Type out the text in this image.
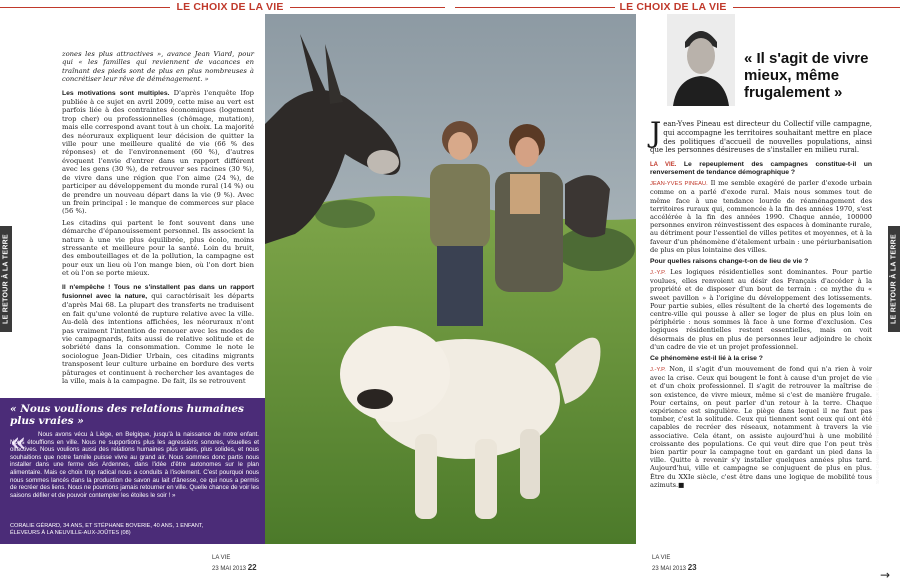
LE CHOIX DE LA VIE	LE CHOIX DE LA VIE
LE RETOUR À LA TERRE	LE RETOUR À LA TERRE

zones les plus attractives », avance Jean Viard, pour qui « les familles qui reviennent de vacances en traînant des pieds sont de plus en plus nombreuses à concrétiser leur rêve de déménagement. »

Les motivations sont multiples. D'après l'enquête Ifop publiée à ce sujet en avril 2009, cette mise au vert est parfois liée à des contraintes économiques (logement trop cher) ou professionnelles (chômage, mutation), mais elle correspond avant tout à un choix. La majorité des néoruraux expliquent leur décision de quitter la ville pour une meilleure qualité de vie (66 % des réponses) et de l'environnement (60 %), d'autres évoquent l'envie d'entrer dans un rapport différent avec les gens (30 %), de retrouver ses racines (30 %), de vivre dans une région que l'on aime (24 %), de participer au développement du monde rural (14 %) ou de prendre un nouveau départ dans la vie (9 %). Avec un frein principal : le manque de commerces sur place (56 %).

Les citadins qui partent le font souvent dans une démarche d'épanouissement personnel. Ils associent la nature à une vie plus équilibrée, plus écolo, moins stressante et meilleure pour la santé. Loin du bruit, des embouteillages et de la pollution, la campagne est pour eux un lieu où l'on mange bien, où l'on dort bien et où l'on se porte mieux.

Il n'empêche ! Tous ne s'installent pas dans un rapport fusionnel avec la nature, qui caractérisait les départs d'après Mai 68. La plupart des transferts ne traduisent en fait qu'une volonté de rupture relative avec la ville. Au-delà des intentions affichées, les néoruraux n'ont pas vraiment l'intention de renouer avec les modes de vie campagnards, faits aussi de relative solitude et de sobriété dans la consommation. Comme le note le sociologue Jean-Didier Urbain, ces citadins migrants transposent leur culture urbaine en bordure des verts pâturages et continuent à rechercher les avantages de la ville, mais à la campagne. De fait, ils se retrouvent	SAMIR CHAIEH / HAYTHEM / PHOTO POUR LA VIE
« Nous voulions des relations humaines plus vraies »
«	Nous avons vécu à Liège, en Belgique, jusqu'à la naissance de notre enfant. Nous étouffions en ville. Nous ne supportions plus les agressions sonores, visuelles et olfactives. Nous voulions aussi des relations humaines plus vraies, plus solides, et nous souhaitions que notre famille puisse vivre au grand air. Nous sommes donc partis nous installer dans une ferme des Ardennes, dans l'idée d'être autonomes sur le plan alimentaire. Mais ce choix trop radical nous a conduits à l'isolement. C'est pourquoi nous nous sommes lancés dans la production de savon au lait d'ânesse, ce qui nous a permis de recréer des liens. Nous ne pourrions jamais retourner en ville. Quelle chance de voir les saisons défiler et de pouvoir contempler les étoiles le soir ! »
CORALIE GÉRARD, 34 ANS, ET STÉPHANE BOVERIE, 40 ANS, 1 ENFANT,
ÉLEVEURS À LA NEUVILLE-AUX-JOÛTES (08)
LA VIE
23 MAI 2013 22
LA VIE
23 MAI 2013 23
« Il s'agit de vivre mieux, même frugalement »

Jean-Yves Pineau est directeur du Collectif ville campagne, qui accompagne les territoires souhaitant mettre en place des politiques d'accueil de nouvelles populations, ainsi que les personnes désireuses de s'installer en milieu rural.

LA VIE. Le repeuplement des campagnes constitue-t-il un renversement de tendance démographique ?

JEAN-YVES PINEAU. Il me semble exagéré de parler d'exode urbain comme on a parlé d'exode rural. Mais nous sommes tout de même face à une tendance lourde de réaménagement des territoires ruraux qui, commencée à la fin des années 1970, s'est accélérée à la fin des années 1990. Chaque année, 100000 personnes environ réinvestissent des espaces à dominante rurale, au détriment pour l'essentiel de villes petites et moyennes, et à la faveur d'un phénomène d'étalement urbain : une périurbanisation de plus en plus lointaine des villes.

Pour quelles raisons change-t-on de lieu de vie ?

J.-Y.P. Les logiques résidentielles sont dominantes. Pour partie voulues, elles renvoient au désir des Français d'accéder à la propriété et de disposer d'un bout de terrain : ce mythe du « sweet pavillon » à l'origine du développement des lotissements. Pour partie subies, elles résultent de la cherté des logements de centre-ville qui pousse à aller se loger de plus en plus loin en périphérie : nous sommes là face à une forme d'exclusion. Ces logiques résidentielles restent essentielles, mais on voit désormais de plus en plus de personnes leur adjoindre le choix d'un cadre de vie et un projet professionnel.

Ce phénomène est-il lié à la crise ?

J.-Y.P. Non, il s'agit d'un mouvement de fond qui n'a rien à voir avec la crise. Ceux qui bougent le font à cause d'un projet de vie et d'un choix professionnel. Il s'agit de retrouver la maîtrise de son existence, de vivre mieux, même si c'est de manière frugale. Pour certains, on peut parler d'un retour à la terre. Chaque expérience est singulière. Le piège dans lequel il ne faut pas tomber, c'est la solitude. Ceux qui tiennent sont ceux qui ont été capables de recréer des réseaux, notamment à travers la vie associative. Cela étant, on assiste aujourd'hui à une mobilité croissante des populations. Ce qui veut dire que l'on peut très bien partir pour la campagne tout en gardant un pied dans la ville. Quitte à revenir s'y installer quelques années plus tard. Aujourd'hui, ville et campagne se conjuguent de plus en plus. Être du XXIe siècle, c'est être dans une logique de mobilité tous azimuts.■

→
